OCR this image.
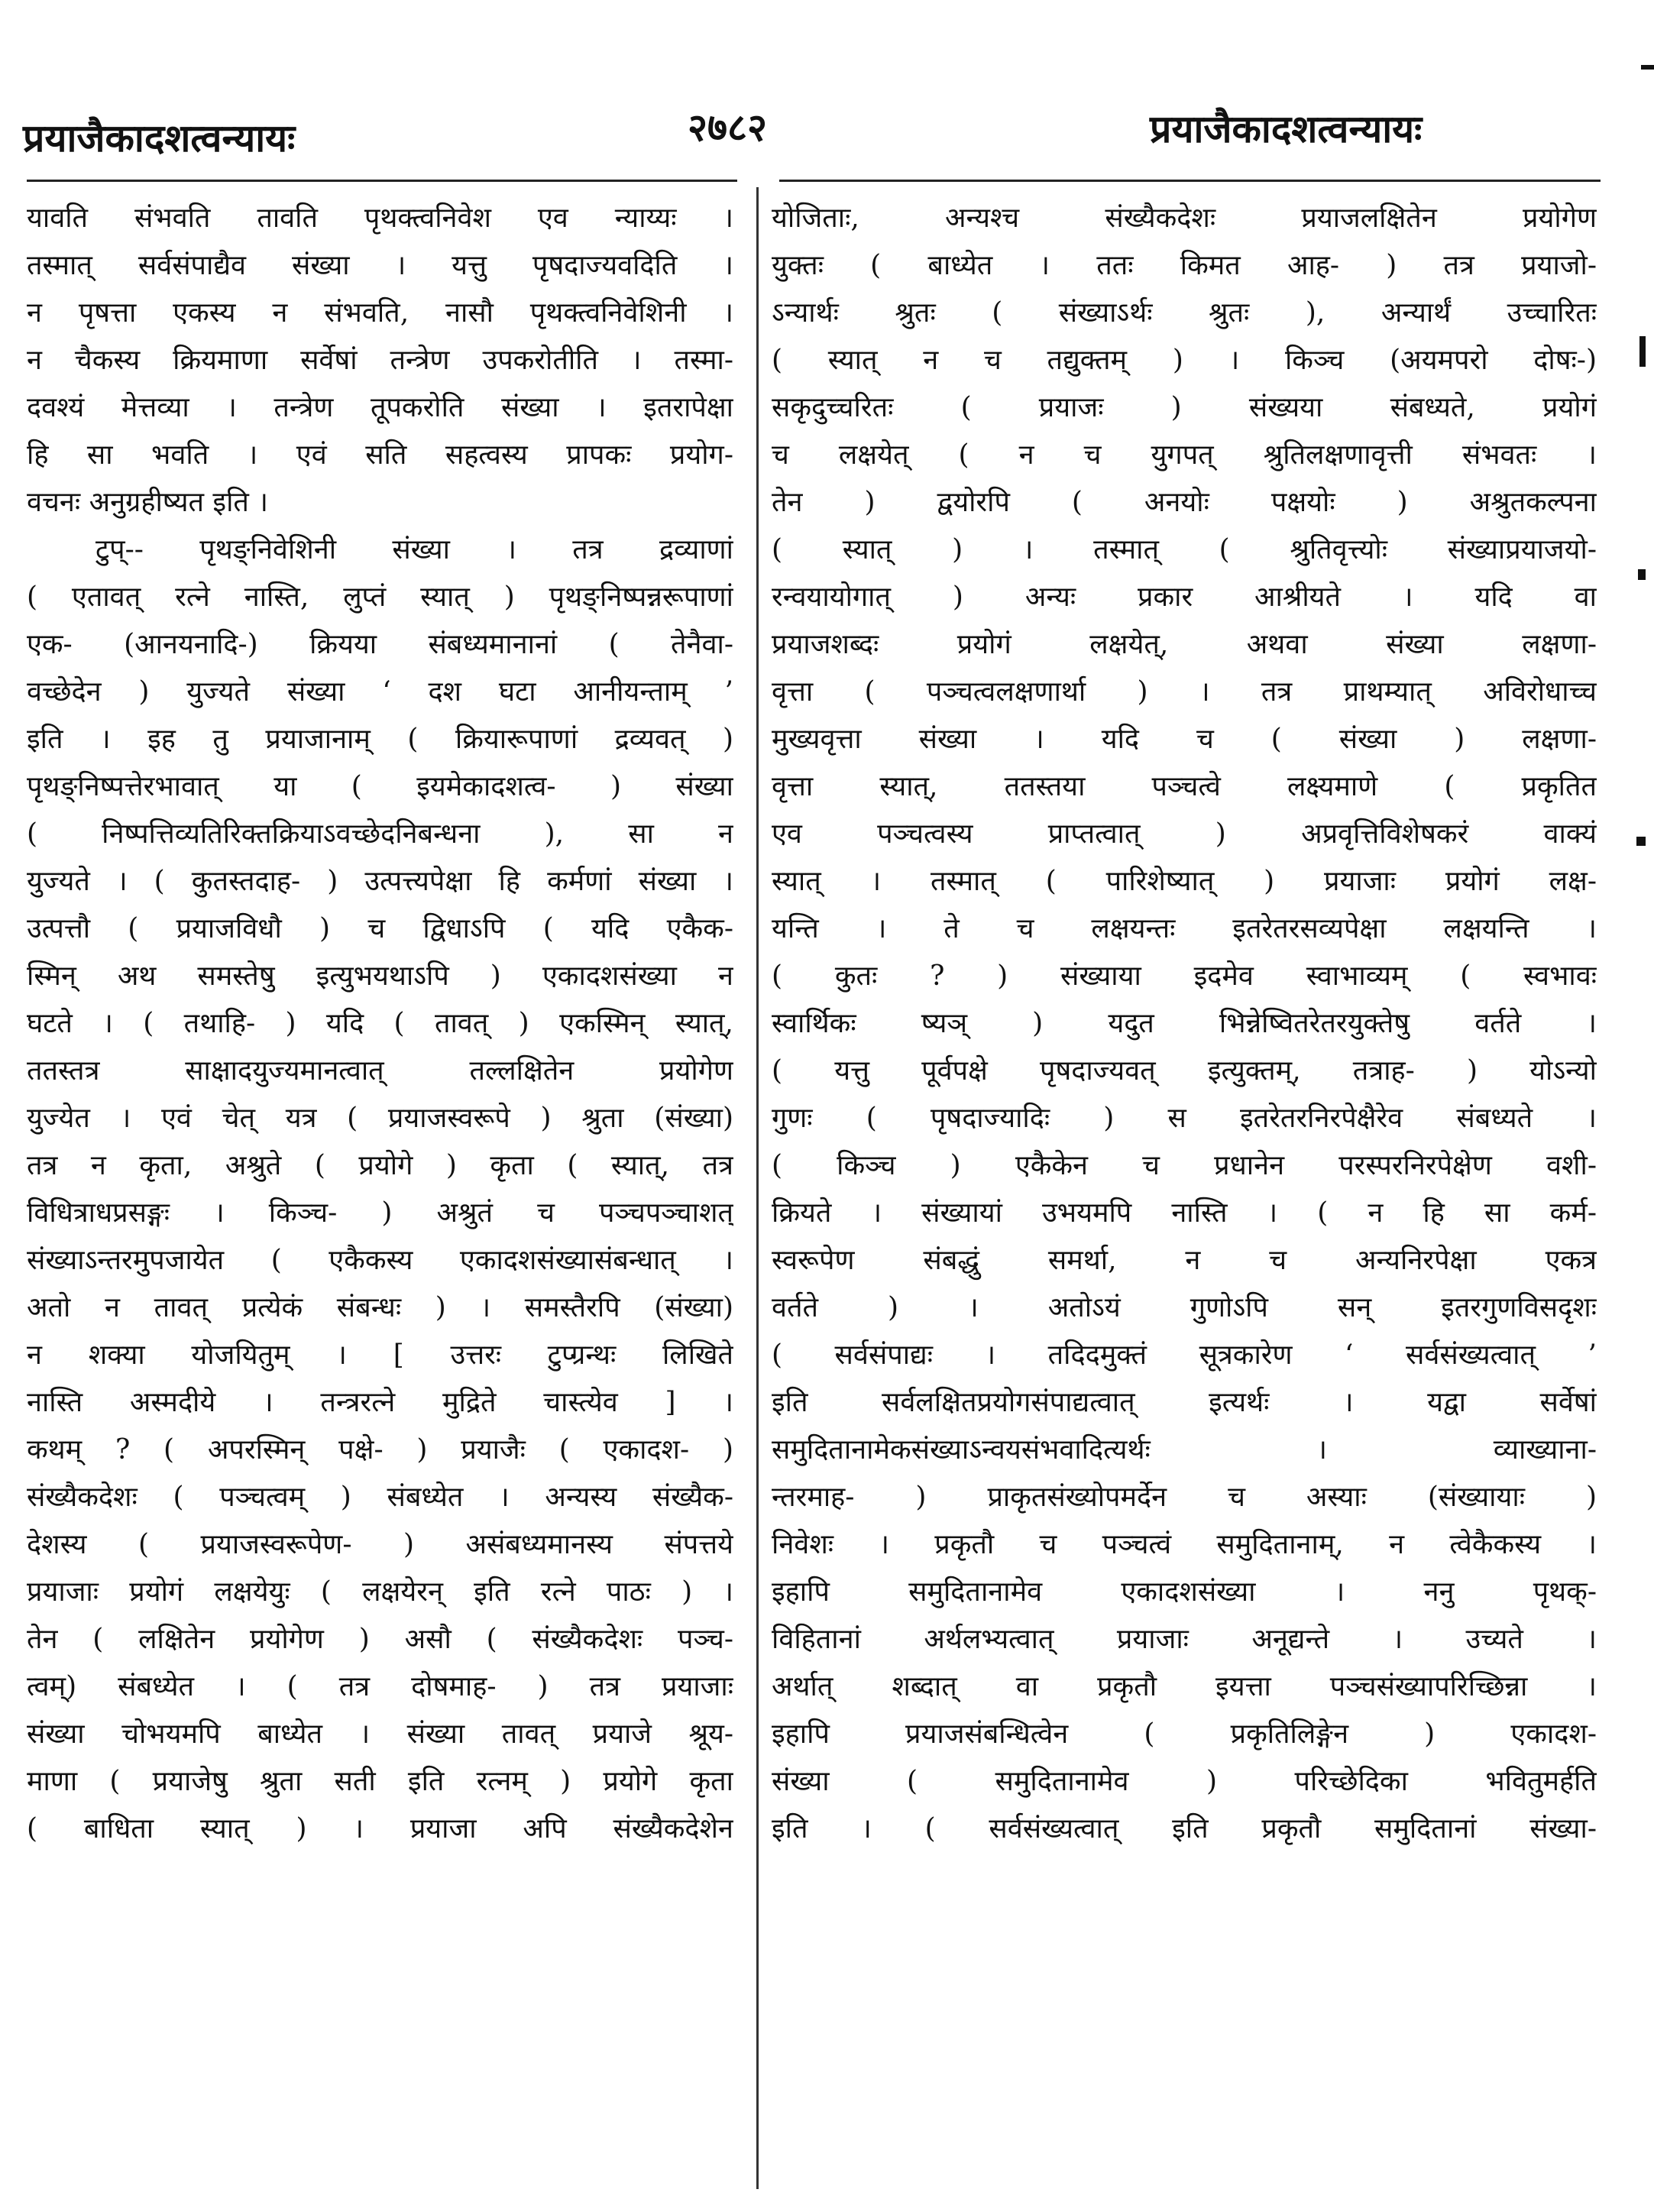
प्रयाजैकादशत्वन्यायः	२७८२	प्रयाजैकादशत्वन्यायः
यावति संभवति तावति पृथक्त्वनिवेश एव न्याय्यः ।
तस्मात् सर्वसंपाद्यैव संख्या । यत्तु पृषदाज्यवदिति ।
न पृषत्ता एकस्य न संभवति, नासौ पृथक्त्वनिवेशिनी ।
न चैकस्य क्रियमाणा सर्वेषां तन्त्रेण उपकरोतीति । तस्मा-
दवश्यं मेत्तव्या । तन्त्रेण तूपकरोति संख्या । इतरापेक्षा
हि सा भवति । एवं सति सहत्वस्य प्रापकः प्रयोग-
वचनः अनुग्रहीष्यत इति ।
टुप्-- पृथङ्निवेशिनी संख्या । तत्र द्रव्याणां
( एतावत् रत्ने नास्ति, लुप्तं स्यात् ) पृथङ्निष्पन्नरूपाणां
एक- (आनयनादि-) क्रियया संबध्यमानानां ( तेनैवा-
वच्छेदेन ) युज्यते संख्या ‘ दश घटा आनीयन्ताम् ’
इति । इह तु प्रयाजानाम् ( क्रियारूपाणां द्रव्यवत् )
पृथङ्निष्पत्तेरभावात् या ( इयमेकादशत्व- ) संख्या
( निष्पत्तिव्यतिरिक्तक्रियाऽवच्छेदनिबन्धना ), सा न
युज्यते । ( कुतस्तदाह- ) उत्पत्त्यपेक्षा हि कर्मणां संख्या ।
उत्पत्तौ ( प्रयाजविधौ ) च द्विधाऽपि ( यदि एकैक-
स्मिन् अथ समस्तेषु इत्युभयथाऽपि ) एकादशसंख्या न
घटते । ( तथाहि- ) यदि ( तावत् ) एकस्मिन् स्यात्,
ततस्तत्र साक्षादयुज्यमानत्वात् तल्लक्षितेन प्रयोगेण
युज्येत । एवं चेत् यत्र ( प्रयाजस्वरूपे ) श्रुता (संख्या)
तत्र न कृता, अश्रुते ( प्रयोगे ) कृता ( स्यात्, तत्र
विधित्राधप्रसङ्गः । किञ्च- ) अश्रुतं च पञ्चपञ्चाशत्
संख्याऽन्तरमुपजायेत ( एकैकस्य एकादशसंख्यासंबन्धात् ।
अतो न तावत् प्रत्येकं संबन्धः ) । समस्तैरपि (संख्या)
न शक्या योजयितुम् । [ उत्तरः टुप्ग्रन्थः लिखिते
नास्ति अस्मदीये । तन्त्ररत्ने मुद्रिते चास्त्येव ] ।
कथम् ? ( अपरस्मिन् पक्षे- ) प्रयाजैः ( एकादश- )
संख्यैकदेशः ( पञ्चत्वम् ) संबध्येत । अन्यस्य संख्यैक-
देशस्य ( प्रयाजस्वरूपेण- ) असंबध्यमानस्य संपत्तये
प्रयाजाः प्रयोगं लक्षयेयुः ( लक्षयेरन् इति रत्ने पाठः ) ।
तेन ( लक्षितेन प्रयोगेण ) असौ ( संख्यैकदेशः पञ्च-
त्वम्) संबध्येत । ( तत्र दोषमाह- ) तत्र प्रयाजाः
संख्या चोभयमपि बाध्येत । संख्या तावत् प्रयाजे श्रूय-
माणा ( प्रयाजेषु श्रुता सती इति रत्नम् ) प्रयोगे कृता
( बाधिता स्यात् ) । प्रयाजा अपि संख्यैकदेशेन
योजिताः, अन्यश्च संख्यैकदेशः प्रयाजलक्षितेन प्रयोगेण
युक्तः ( बाध्येत । ततः किमत आह- ) तत्र प्रयाजो-
ऽन्यार्थः श्रुतः ( संख्याऽर्थः श्रुतः ), अन्यार्थं उच्चारितः
( स्यात् न च तद्युक्तम् ) । किञ्च (अयमपरो दोषः-)
सकृदुच्चरितः ( प्रयाजः ) संख्यया संबध्यते, प्रयोगं
च लक्षयेत् ( न च युगपत् श्रुतिलक्षणावृत्ती संभवतः ।
तेन ) द्वयोरपि ( अनयोः पक्षयोः ) अश्रुतकल्पना
( स्यात् ) । तस्मात् ( श्रुतिवृत्त्योः संख्याप्रयाजयो-
रन्वयायोगात् ) अन्यः प्रकार आश्रीयते । यदि वा
प्रयाजशब्दः प्रयोगं लक्षयेत्, अथवा संख्या लक्षणा-
वृत्ता ( पञ्चत्वलक्षणार्था ) । तत्र प्राथम्यात् अविरोधाच्च
मुख्यवृत्ता संख्या । यदि च ( संख्या ) लक्षणा-
वृत्ता स्यात्, ततस्तया पञ्चत्वे लक्ष्यमाणे ( प्रकृतित
एव पञ्चत्वस्य प्राप्तत्वात् ) अप्रवृत्तिविशेषकरं वाक्यं
स्यात् । तस्मात् ( पारिशेष्यात् ) प्रयाजाः प्रयोगं लक्ष-
यन्ति । ते च लक्षयन्तः इतरेतरसव्यपेक्षा लक्षयन्ति ।
( कुतः ? ) संख्याया इदमेव स्वाभाव्यम् ( स्वभावः
स्वार्थिकः ष्यञ् ) यदुत भिन्नेष्वितरेतरयुक्तेषु वर्तते ।
( यत्तु पूर्वपक्षे पृषदाज्यवत् इत्युक्तम्, तत्राह- ) योऽन्यो
गुणः ( पृषदाज्यादिः ) स इतरेतरनिरपेक्षैरेव संबध्यते ।
( किञ्च ) एकैकेन च प्रधानेन परस्परनिरपेक्षेण वशी-
क्रियते । संख्यायां उभयमपि नास्ति । ( न हि सा कर्म-
स्वरूपेण संबद्धुं समर्था, न च अन्यनिरपेक्षा एकत्र
वर्तते ) । अतोऽयं गुणोऽपि सन् इतरगुणविसदृशः
( सर्वसंपाद्यः । तदिदमुक्तं सूत्रकारेण ‘ सर्वसंख्यत्वात् ’
इति सर्वलक्षितप्रयोगसंपाद्यत्वात् इत्यर्थः । यद्वा सर्वेषां
समुदितानामेकसंख्याऽन्वयसंभवादित्यर्थः । व्याख्याना-
न्तरमाह- ) प्राकृतसंख्योपमर्देन च अस्याः (संख्यायाः )
निवेशः । प्रकृतौ च पञ्चत्वं समुदितानाम्, न त्वेकैकस्य ।
इहापि समुदितानामेव एकादशसंख्या । ननु पृथक्-
विहितानां अर्थलभ्यत्वात् प्रयाजाः अनूद्यन्ते । उच्यते ।
अर्थात् शब्दात् वा प्रकृतौ इयत्ता पञ्चसंख्यापरिच्छिन्ना ।
इहापि प्रयाजसंबन्धित्वेन ( प्रकृतिलिङ्गेन ) एकादश-
संख्या ( समुदितानामेव ) परिच्छेदिका भवितुमर्हति
इति । ( सर्वसंख्यत्वात् इति प्रकृतौ समुदितानां संख्या-
